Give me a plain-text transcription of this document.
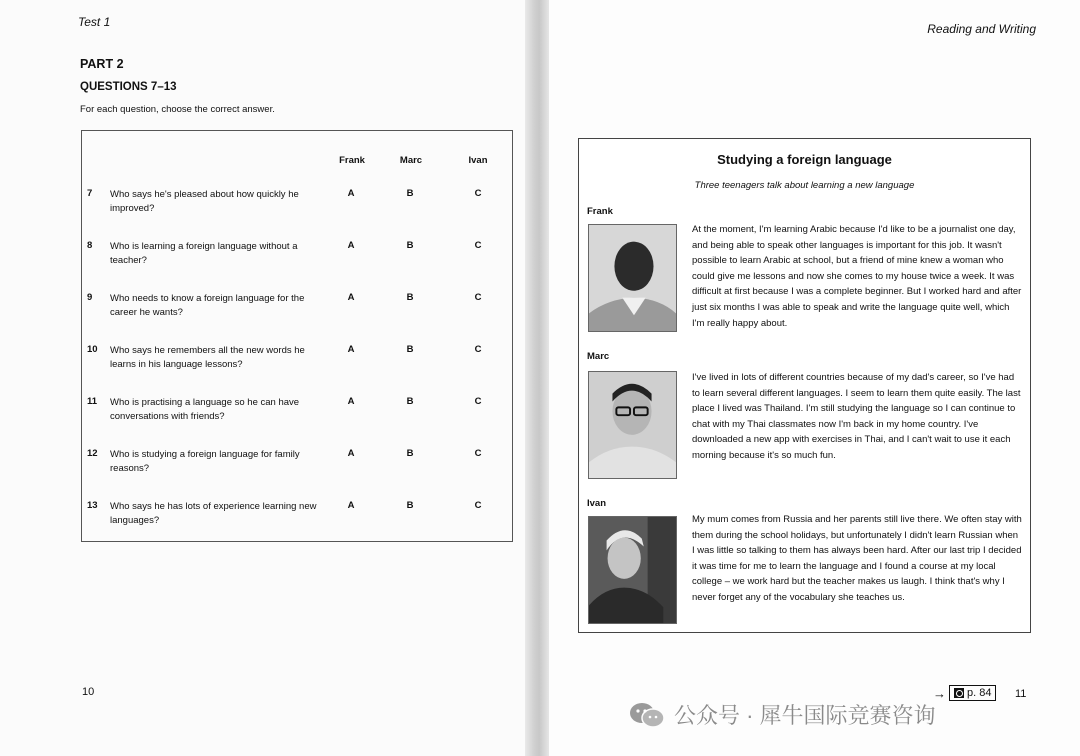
Test 1
PART 2
QUESTIONS 7–13
For each question, choose the correct answer.
Frank	Marc	Ivan
7 Who says he's pleased about how quickly he improved?
A	B	C
8 Who is learning a foreign language without a teacher?
A	B	C
9 Who needs to know a foreign language for the career he wants?
A	B	C
10 Who says he remembers all the new words he learns in his language lessons?
A	B	C
11 Who is practising a language so he can have conversations with friends?
A	B	C
12 Who is studying a foreign language for family reasons?
A	B	C
13 Who says he has lots of experience learning new languages?
A	B	C
10
Reading and Writing
Studying a foreign language
Three teenagers talk about learning a new language
Frank
At the moment, I'm learning Arabic because I'd like to be a journalist one day, and being able to speak other languages is important for this job. It wasn't possible to learn Arabic at school, but a friend of mine knew a woman who could give me lessons and now she comes to my house twice a week. It was difficult at first because I was a complete beginner. But I worked hard and after just six months I was able to speak and write the language quite well, which I'm really happy about.
Marc
I've lived in lots of different countries because of my dad's career, so I've had to learn several different languages. I seem to learn them quite easily. The last place I lived was Thailand. I'm still studying the language so I can continue to chat with my Thai classmates now I'm back in my home country. I've downloaded a new app with exercises in Thai, and I can't wait to use it each morning because it's so much fun.
Ivan
My mum comes from Russia and her parents still live there. We often stay with them during the school holidays, but unfortunately I didn't learn Russian when I was little so talking to them has always been hard. After our last trip I decided it was time for me to learn the language and I found a course at my local college – we work hard but the teacher makes us laugh. I think that's why I never forget any of the vocabulary she teaches us.
→ p. 84 11
公众号 · 犀牛国际竞赛咨询
